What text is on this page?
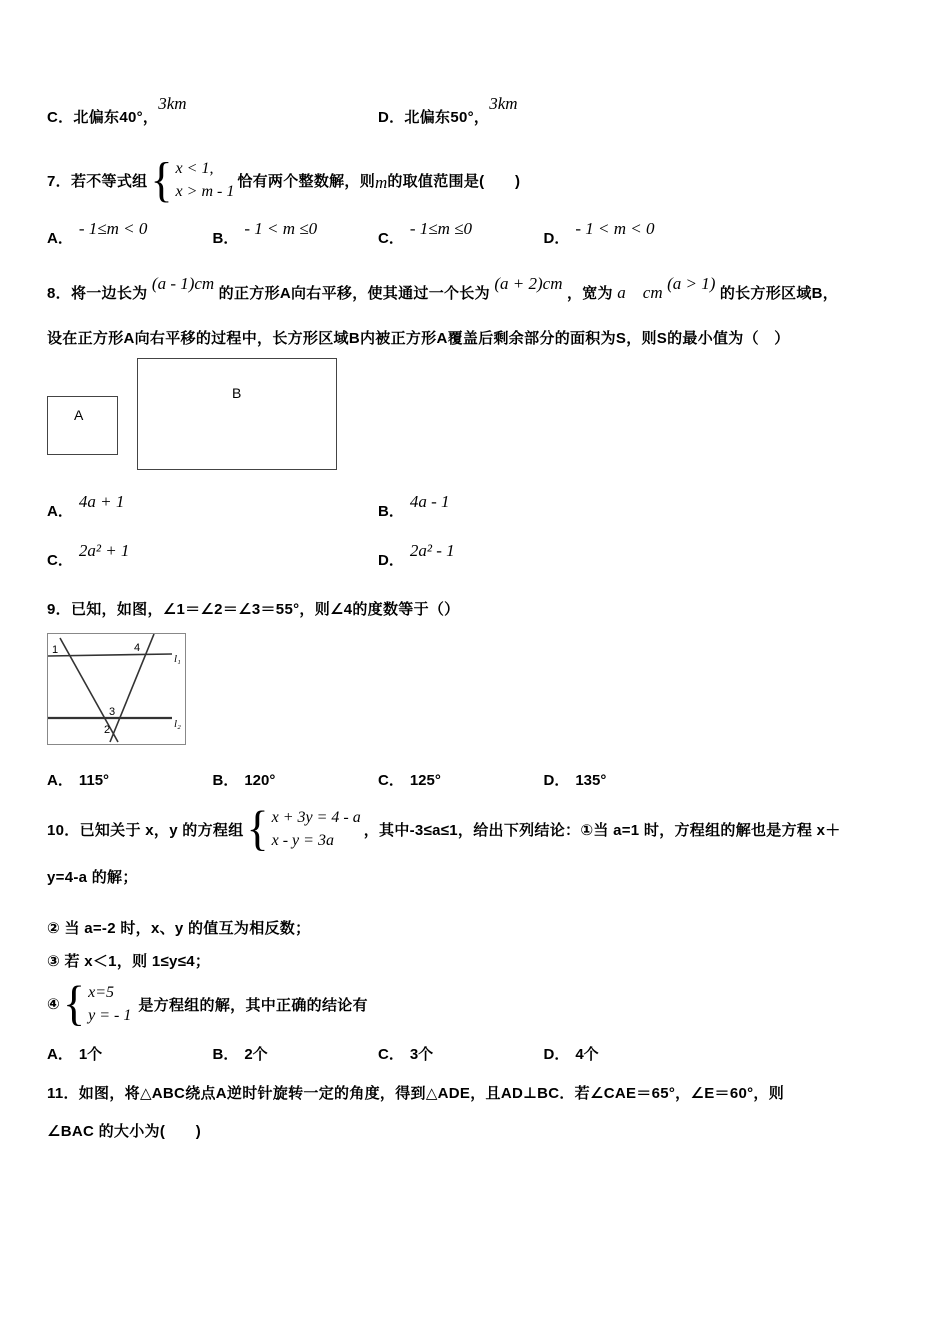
C．北偏东40°，
3km
D．北偏东50°，
3km
7．若不等式组 { x < 1,
x > m - 1
恰有两个整数解，则 m 的取值范围是(　　)
A．
- 1≤m < 0
B．
- 1 < m ≤0
C．
- 1≤m ≤0
D．
- 1 < m < 0
8．将一边长为 (a - 1)cm 的正方形A向右平移，使其通过一个长为 (a + 2)cm ，宽为 a　cm (a > 1) 的长方形区域B，
设在正方形A向右平移的过程中，长方形区域B内被正方形A覆盖后剩余部分的面积为S，则S的最小值为（　）
A
B
A．
4a + 1
B．
4a - 1
C．
2a² + 1
D．
2a² - 1
9．已知，如图，∠1＝∠2＝∠3＝55°，则∠4的度数等于（）
1	4
3
2
l₁
l₂
A． 115°	B． 120°	C． 125°	D． 135°
10．已知关于 x，y 的方程组 { x + 3y = 4 - a
x - y = 3a
，其中-3≤a≤1，给出下列结论：①当 a=1 时，方程组的解也是方程 x＋
y=4-a 的解；
② 当 a=-2 时，x、y 的值互为相反数；
③ 若 x＜1，则 1≤y≤4；
④ { x=5
y = - 1
是方程组的解，其中正确的结论有
A． 1个	B． 2个	C． 3个	D． 4个
11．如图，将△ABC绕点A逆时针旋转一定的角度，得到△ADE，且AD⊥BC．若∠CAE＝65°，∠E＝60°，则
∠BAC 的大小为(　　)
